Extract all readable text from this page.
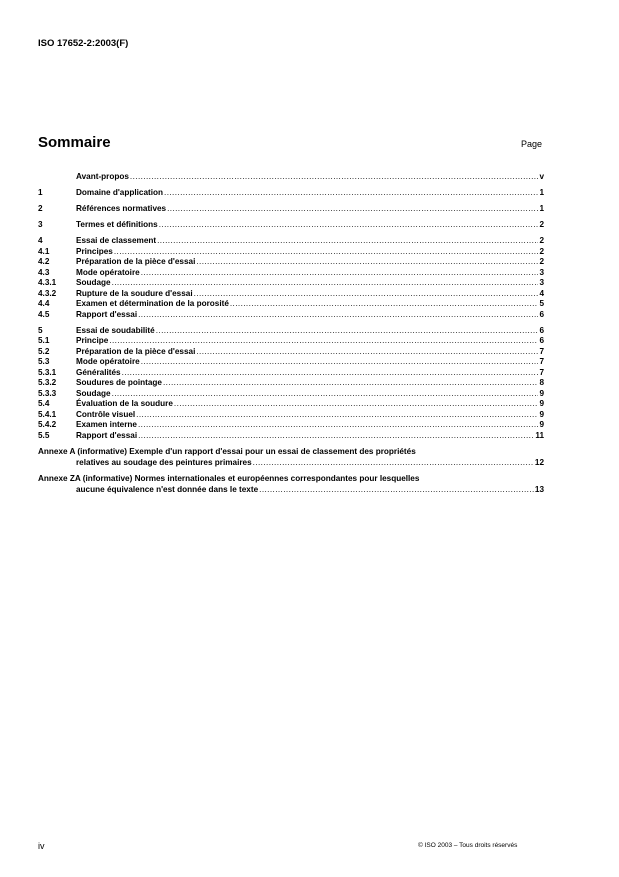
ISO 17652-2:2003(F)
Sommaire	Page
Avant-propos .....	v
1	Domaine d'application .....	1
2	Références normatives .....	1
3	Termes et définitions .....	2
4	Essai de classement .....	2
4.1	Principes .....	2
4.2	Préparation de la pièce d'essai .....	2
4.3	Mode opératoire .....	3
4.3.1	Soudage .....	3
4.3.2	Rupture de la soudure d'essai .....	4
4.4	Examen et détermination de la porosité .....	5
4.5	Rapport d'essai .....	6
5	Essai de soudabilité .....	6
5.1	Principe .....	6
5.2	Préparation de la pièce d'essai .....	7
5.3	Mode opératoire .....	7
5.3.1	Généralités .....	7
5.3.2	Soudures de pointage .....	8
5.3.3	Soudage .....	9
5.4	Évaluation de la soudure .....	9
5.4.1	Contrôle visuel .....	9
5.4.2	Examen interne .....	9
5.5	Rapport d'essai .....	11
Annexe A (informative) Exemple d'un rapport d'essai pour un essai de classement des propriétés
relatives au soudage des peintures primaires .....	12
Annexe ZA (informative) Normes internationales et européennes correspondantes pour lesquelles
aucune équivalence n'est donnée dans le texte .....	13
iv	© ISO 2003 – Tous droits réservés
